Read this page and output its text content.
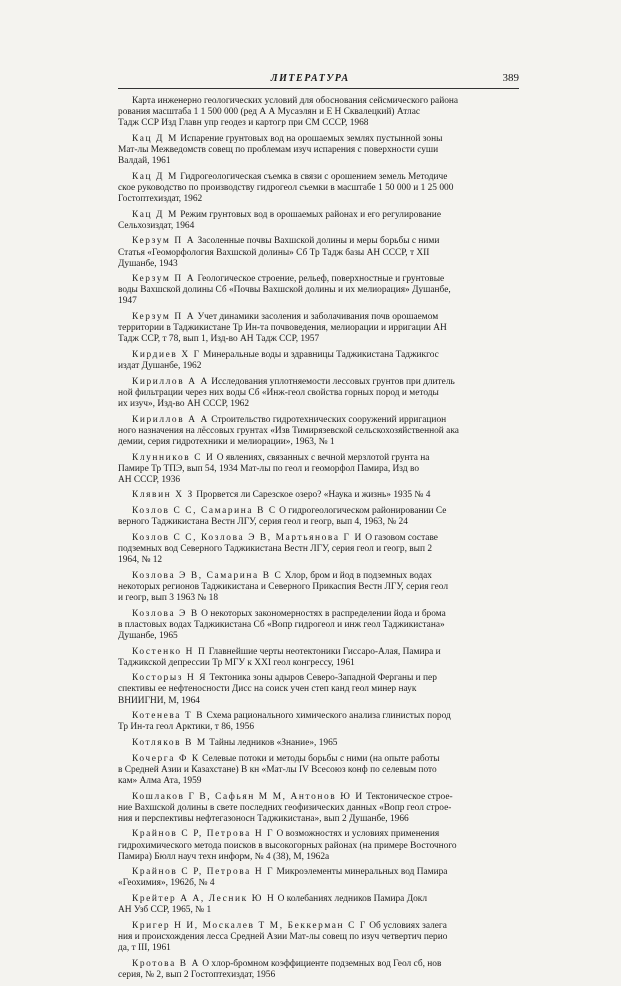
ЛИТЕРАТУРА	389

Карта инженерно геологических условий для обоснования сейсмического района
рования масштаба 1 1 500 000 (ред А А Мусаэлян и Е Н Сквалецкий) Атлас
Тадж ССР Изд Главн упр геодез и картогр при СМ СССР, 1968

Кац Д М Испарение грунтовых вод на орошаемых землях пустынной зоны
Мат-лы Межведомств совещ по проблемам изуч испарения с поверхности суши
Валдай, 1961

Кац Д М Гидрогеологическая съемка в связи с орошением земель Методиче
ское руководство по производству гидрогеол съемки в масштабе 1 50 000 и 1 25 000
Гостоптехиздат, 1962

Кац Д М Режим грунтовых вод в орошаемых районах и его регулирование
Сельхозиздат, 1964

Керзум П А Засоленные почвы Вахшской долины и меры борьбы с ними
Статья «Геоморфология Вахшской долины» Сб Тр Тадж базы АН СССР, т XII
Душанбе, 1943

Керзум П А Геологическое строение, рельеф, поверхностные и грунтовые
воды Вахшской долины Сб «Почвы Вахшской долины и их мелиорация» Душанбе,
1947

Керзум П А Учет динамики засоления и заболачивания почв орошаемом
территории в Таджикистане Тр Ин-та почвоведения, мелиорации и ирригации АН
Тадж ССР, т 78, вып 1, Изд-во АН Тадж ССР, 1957

Кирдиев Х Г Минеральные воды и здравницы Таджикистана Таджикгос
издат Душанбе, 1962

Кириллов А А Исследования уплотняемости лессовых грунтов при длитель
ной фильтрации через них воды Сб «Инж-геол свойства горных пород и методы
их изуч», Изд-во АН СССР, 1962

Кириллов А А Строительство гидротехнических сооружений ирригацион
ного назначения на лёссовых грунтах «Изв Тимирязевской сельскохозяйственной ака
демии, серия гидротехники и мелиорации», 1963, № 1

Клунников С И О явлениях, связанных с вечной мерзлотой грунта на
Памире Тр ТПЭ, вып 54, 1934 Мат-лы по геол и геоморфол Памира, Изд во
АН СССР, 1936

Клявин Х З Прорвется ли Сарезское озеро? «Наука и жизнь» 1935 № 4

Козлов С С, Самарина В С О гидрогеологическом районировании Се
верного Таджикистана Вестн ЛГУ, серия геол и геогр, вып 4, 1963, № 24

Козлов С С, Козлова Э В, Мартьянова Г И О газовом составе
подземных вод Северного Таджикистана Вестн ЛГУ, серия геол и геогр, вып 2
1964, № 12

Козлова Э В, Самарина В С Хлор, бром и йод в подземных водах
некоторых регионов Таджикистана и Северного Прикаспия Вестн ЛГУ, серия геол
и геогр, вып 3 1963 № 18

Козлова Э В О некоторых закономерностях в распределении йода и брома
в пластовых водах Таджикистана Сб «Вопр гидрогеол и инж геол Таджикистана»
Душанбе, 1965

Костенко Н П Главнейшие черты неотектоники Гиссаро-Алая, Памира и
Таджикской депрессии Тр МГУ к XXI геол конгрессу, 1961

Косторыз Н Я Тектоника зоны адыров Северо-Западной Ферганы и пер
спективы ее нефтеносности Дисс на соиск учен степ канд геол минер наук
ВНИИГНИ, М, 1964

Котенева Т В Схема рационального химического анализа глинистых пород
Тр Ин-та геол Арктики, т 86, 1956

Котляков В М Тайны ледников «Знание», 1965

Кочерга Ф К Селевые потоки и методы борьбы с ними (на опыте работы
в Средней Азии и Казахстане) В кн «Мат-лы IV Всесоюз конф по селевым пото
кам» Алма Ата, 1959

Кошлаков Г В, Сафьян М М, Антонов Ю И Тектоническое строе-
ние Вахшской долины в свете последних геофизических данных «Вопр геол строе-
ния и перспективы нефтегазоносн Таджикистана», вып 2 Душанбе, 1966

Крайнов С Р, Петрова Н Г О возможностях и условиях применения
гидрохимического метода поисков в высокогорных районах (на примере Восточного
Памира) Бюлл науч техн информ, № 4 (38), М, 1962а

Крайнов С Р, Петрова Н Г Микроэлементы минеральных вод Памира
«Геохимия», 1962б, № 4

Крейтер А А, Лесник Ю Н О колебаниях ледников Памира Докл
АН Узб ССР, 1965, № 1

Кригер Н И, Москалев Т М, Беккерман С Г Об условиях залега
ния и происхождения лесса Средней Азии Мат-лы совещ по изуч четвертич перио
да, т III, 1961

Кротова В А О хлор-бромном коэффициенте подземных вод Геол сб, нов
серия, № 2, вып 2 Гостоптехиздат, 1956
